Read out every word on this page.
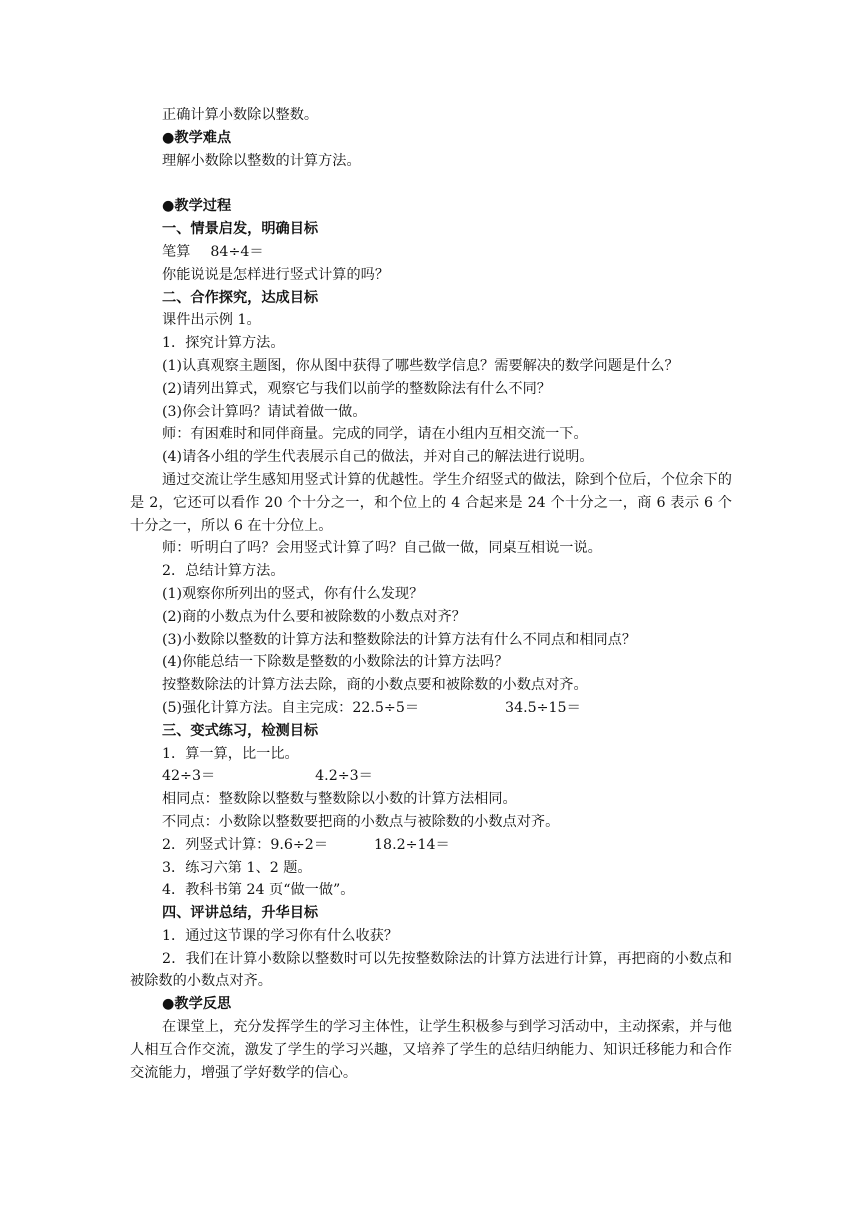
正确计算小数除以整数。

●教学难点

理解小数除以整数的计算方法。

●教学过程

一、情景启发，明确目标

笔算 84÷4＝

你能说说是怎样进行竖式计算的吗？

二、合作探究，达成目标

课件出示例 1。

1．探究计算方法。

(1)认真观察主题图，你从图中获得了哪些数学信息？需要解决的数学问题是什么？

(2)请列出算式，观察它与我们以前学的整数除法有什么不同？

(3)你会计算吗？请试着做一做。

师：有困难时和同伴商量。完成的同学，请在小组内互相交流一下。

(4)请各小组的学生代表展示自己的做法，并对自己的解法进行说明。

通过交流让学生感知用竖式计算的优越性。学生介绍竖式的做法，除到个位后，个位余下的是 2，它还可以看作 20 个十分之一，和个位上的 4 合起来是 24 个十分之一，商 6 表示 6 个十分之一，所以 6 在十分位上。

师：听明白了吗？会用竖式计算了吗？自己做一做，同桌互相说一说。

2．总结计算方法。

(1)观察你所列出的竖式，你有什么发现？

(2)商的小数点为什么要和被除数的小数点对齐？

(3)小数除以整数的计算方法和整数除法的计算方法有什么不同点和相同点？

(4)你能总结一下除数是整数的小数除法的计算方法吗？

按整数除法的计算方法去除，商的小数点要和被除数的小数点对齐。

(5)强化计算方法。自主完成：22.5÷5＝	34.5÷15＝

三、变式练习，检测目标

1．算一算，比一比。

42÷3＝	4.2÷3＝

相同点：整数除以整数与整数除以小数的计算方法相同。

不同点：小数除以整数要把商的小数点与被除数的小数点对齐。

2．列竖式计算：9.6÷2＝	18.2÷14＝

3．练习六第 1、2 题。

4．教科书第 24 页“做一做”。

四、评讲总结，升华目标

1．通过这节课的学习你有什么收获？

2．我们在计算小数除以整数时可以先按整数除法的计算方法进行计算，再把商的小数点和被除数的小数点对齐。

●教学反思

在课堂上，充分发挥学生的学习主体性，让学生积极参与到学习活动中，主动探索，并与他人相互合作交流，激发了学生的学习兴趣，又培养了学生的总结归纳能力、知识迁移能力和合作交流能力，增强了学好数学的信心。
